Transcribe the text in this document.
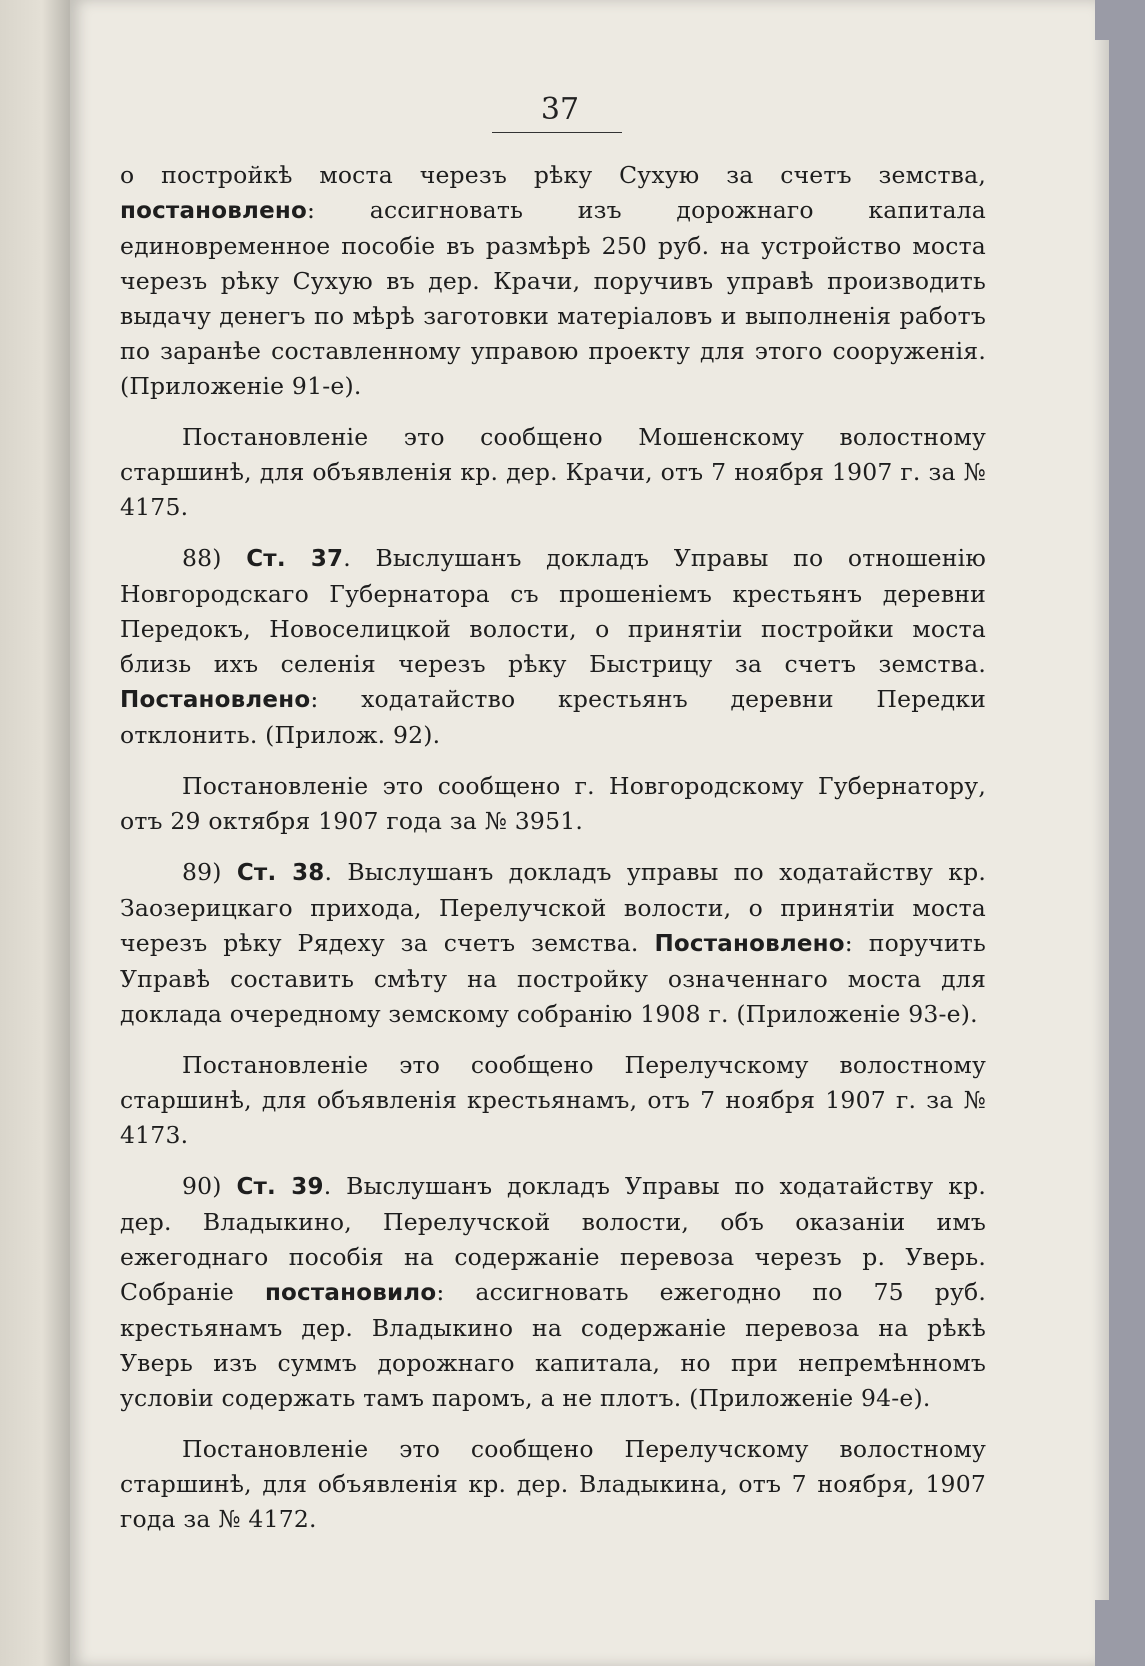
37

о постройкѣ моста черезъ рѣку Сухую за счетъ земства, постановлено: ассигновать изъ дорожнаго капитала единовременное пособіе въ размѣрѣ 250 руб. на устройство моста черезъ рѣку Сухую въ дер. Крачи, поручивъ управѣ производить выдачу денегъ по мѣрѣ заготовки матеріаловъ и выполненія работъ по заранѣе составленному управою проекту для этого сооруженія. (Приложеніе 91-е).

Постановленіе это сообщено Мошенскому волостному старшинѣ, для объявленія кр. дер. Крачи, отъ 7 ноября 1907 г. за № 4175.

88) Ст. 37. Выслушанъ докладъ Управы по отношенію Новгородскаго Губернатора съ прошеніемъ крестьянъ деревни Передокъ, Новоселицкой волости, о принятіи постройки моста близь ихъ селенія черезъ рѣку Быстрицу за счетъ земства. Постановлено: ходатайство крестьянъ деревни Передки отклонить. (Прилож. 92).

Постановленіе это сообщено г. Новгородскому Губернатору, отъ 29 октября 1907 года за № 3951.

89) Ст. 38. Выслушанъ докладъ управы по ходатайству кр. Заозерицкаго прихода, Перелучской волости, о принятіи моста черезъ рѣку Рядеху за счетъ земства. Постановлено: поручить Управѣ составить смѣту на постройку означеннаго моста для доклада очередному земскому собранію 1908 г. (Приложеніе 93-е).

Постановленіе это сообщено Перелучскому волостному старшинѣ, для объявленія крестьянамъ, отъ 7 ноября 1907 г. за № 4173.

90) Ст. 39. Выслушанъ докладъ Управы по ходатайству кр. дер. Владыкино, Перелучской волости, объ оказаніи имъ ежегоднаго пособія на содержаніе перевоза черезъ р. Уверь. Собраніе постановило: ассигновать ежегодно по 75 руб. крестьянамъ дер. Владыкино на содержаніе перевоза на рѣкѣ Уверь изъ суммъ дорожнаго капитала, но при непремѣнномъ условіи содержать тамъ паромъ, а не плотъ. (Приложеніе 94-е).

Постановленіе это сообщено Перелучскому волостному старшинѣ, для объявленія кр. дер. Владыкина, отъ 7 ноября, 1907 года за № 4172.
